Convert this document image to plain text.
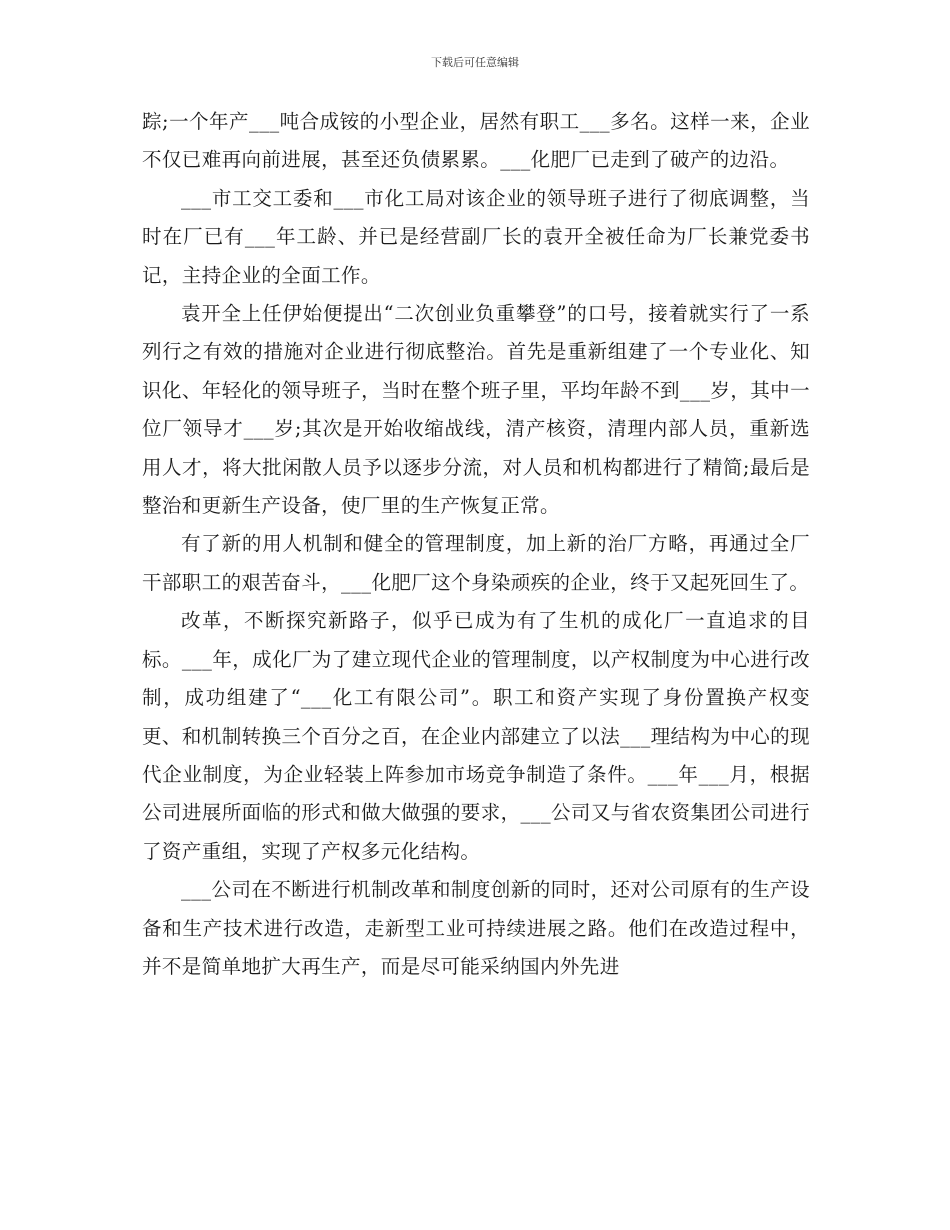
下载后可任意编辑

踪;一个年产___吨合成铵的小型企业，居然有职工___多名。这样一来，企业不仅已难再向前进展，甚至还负债累累。___化肥厂已走到了破产的边沿。

___市工交工委和___市化工局对该企业的领导班子进行了彻底调整，当时在厂已有___年工龄、并已是经营副厂长的袁开全被任命为厂长兼党委书记，主持企业的全面工作。

袁开全上任伊始便提出“二次创业负重攀登”的口号，接着就实行了一系列行之有效的措施对企业进行彻底整治。首先是重新组建了一个专业化、知识化、年轻化的领导班子，当时在整个班子里，平均年龄不到___岁，其中一位厂领导才___岁;其次是开始收缩战线，清产核资，清理内部人员，重新选用人才，将大批闲散人员予以逐步分流，对人员和机构都进行了精简;最后是整治和更新生产设备，使厂里的生产恢复正常。

有了新的用人机制和健全的管理制度，加上新的治厂方略，再通过全厂干部职工的艰苦奋斗，___化肥厂这个身染顽疾的企业，终于又起死回生了。

改革，不断探究新路子，似乎已成为有了生机的成化厂一直追求的目标。___年，成化厂为了建立现代企业的管理制度，以产权制度为中心进行改制，成功组建了“___化工有限公司”。职工和资产实现了身份置换产权变更、和机制转换三个百分之百，在企业内部建立了以法___理结构为中心的现代企业制度，为企业轻装上阵参加市场竞争制造了条件。___年___月，根据公司进展所面临的形式和做大做强的要求，___公司又与省农资集团公司进行了资产重组，实现了产权多元化结构。

___公司在不断进行机制改革和制度创新的同时，还对公司原有的生产设备和生产技术进行改造，走新型工业可持续进展之路。他们在改造过程中，并不是简单地扩大再生产，而是尽可能采纳国内外先进
